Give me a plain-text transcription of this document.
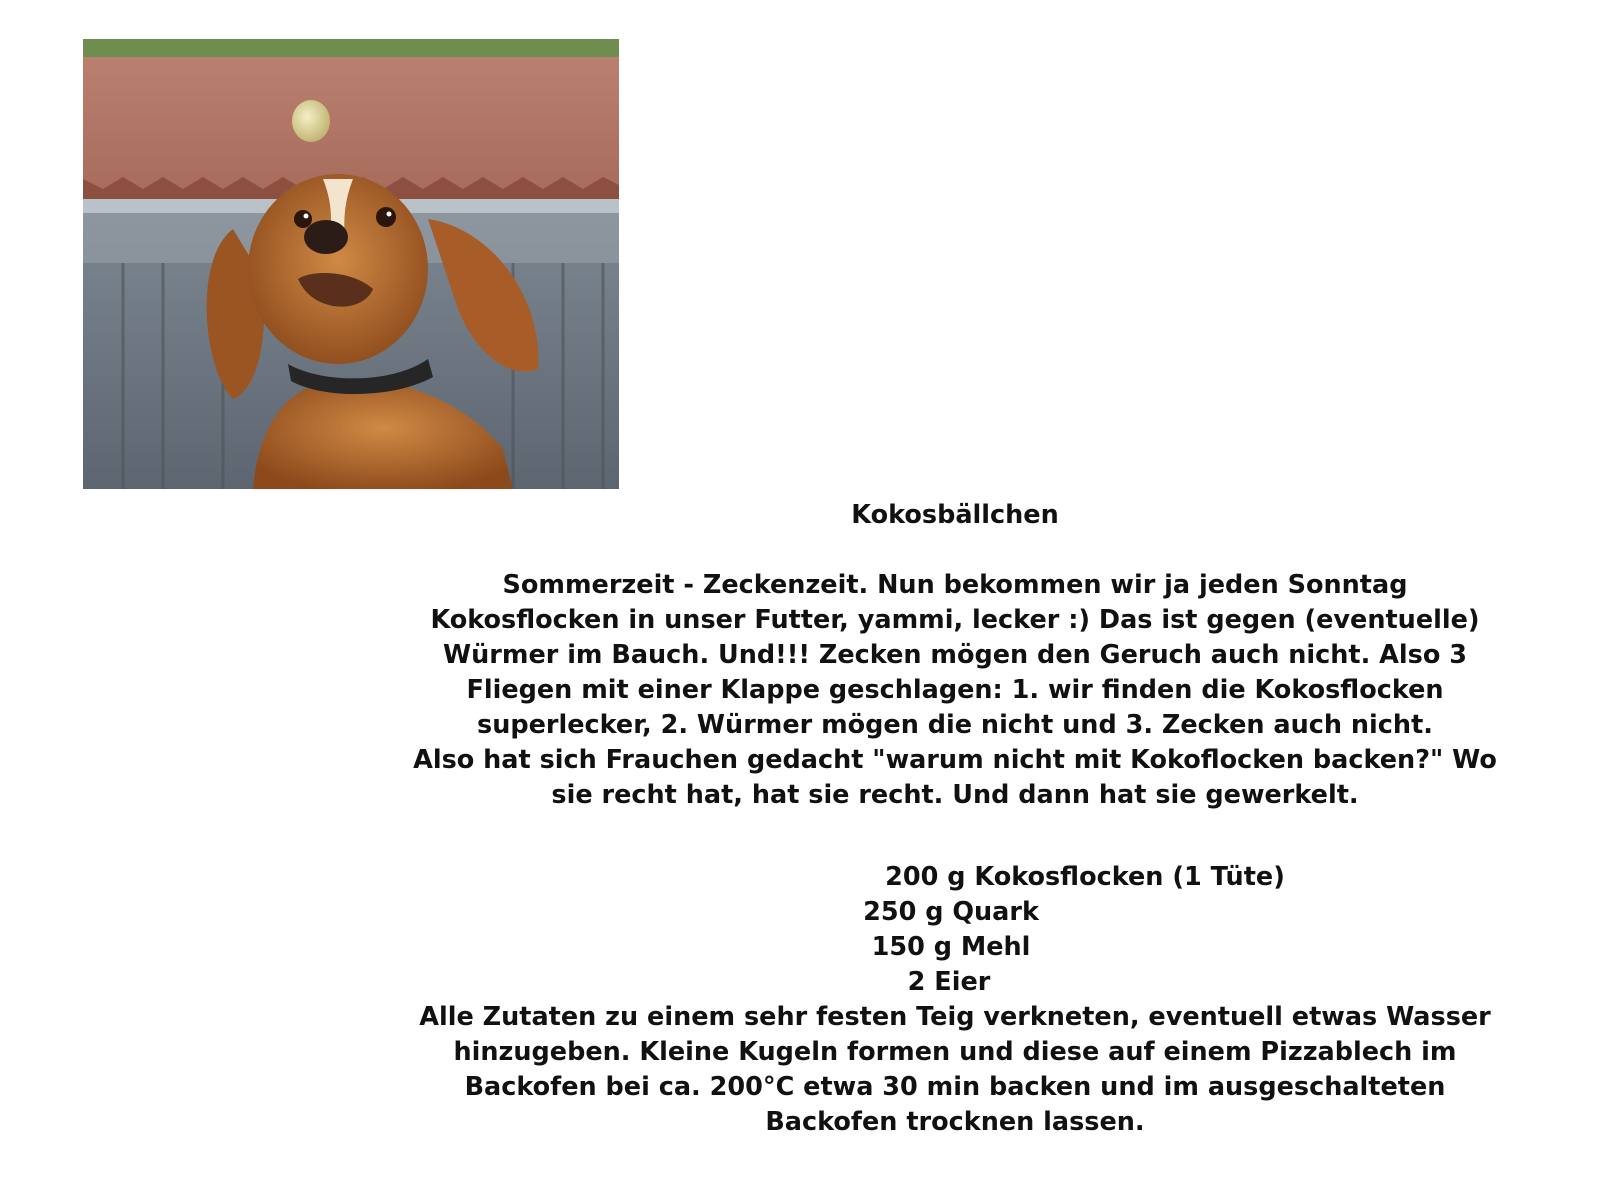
Kokosbällchen

Sommerzeit - Zeckenzeit. Nun bekommen wir ja jeden Sonntag Kokosflocken in unser Futter, yammi, lecker :) Das ist gegen (eventuelle) Würmer im Bauch. Und!!! Zecken mögen den Geruch auch nicht. Also 3 Fliegen mit einer Klappe geschlagen: 1. wir finden die Kokosflocken superlecker, 2. Würmer mögen die nicht und 3. Zecken auch nicht.

Also hat sich Frauchen gedacht "warum nicht mit Kokoflocken backen?" Wo sie recht hat, hat sie recht. Und dann hat sie gewerkelt.

200 g Kokosflocken (1 Tüte)
250 g Quark
150 g Mehl
2 Eier
Alle Zutaten zu einem sehr festen Teig verkneten, eventuell etwas Wasser hinzugeben. Kleine Kugeln formen und diese auf einem Pizzablech im Backofen bei ca. 200°C etwa 30 min backen und im ausgeschalteten Backofen trocknen lassen.
